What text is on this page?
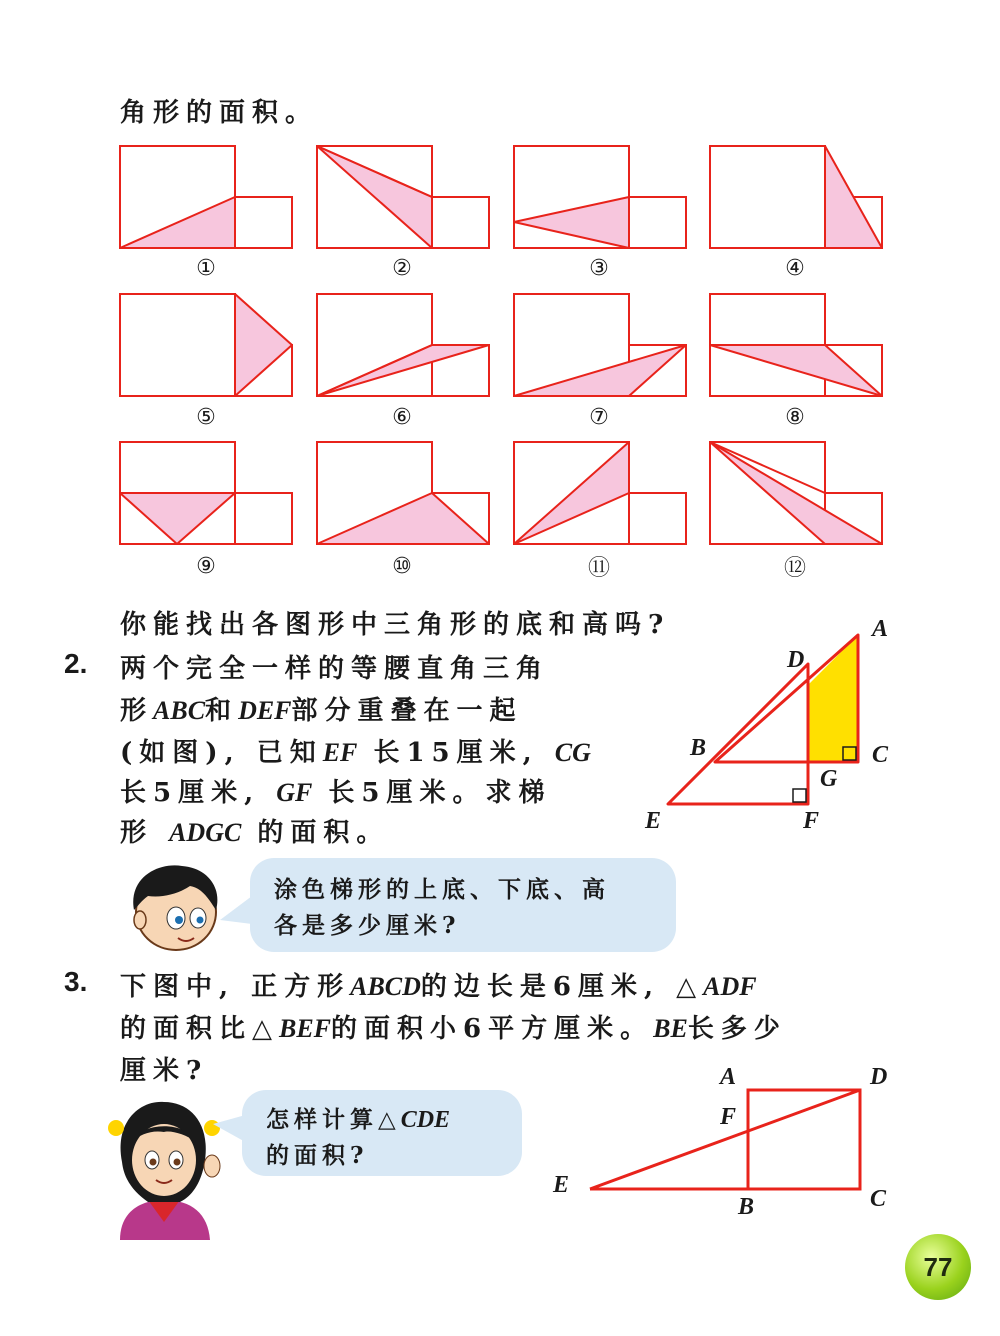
角形的面积。
①	②	③	④
⑤	⑥	⑦	⑧
⑨	⑩	⑪	⑫
你能找出各图形中三角形的底和高吗?
2. 两个完全一样的等腰直角三角
形ABC和DEF部分重叠在一起
(如图), 已知EF 长15厘米, CG
长5厘米, GF 长5厘米。求梯
形 ADGC 的面积。
A
D
B	C
G
E	F
涂色梯形的上底、下底、高
各是多少厘米?
3. 下图中, 正方形ABCD的边长是6厘米, △ADF
的面积比△BEF的面积小6平方厘米。BE长多少
厘米?
怎样计算△CDE
的面积?
A	D
F
E
B	C
77
